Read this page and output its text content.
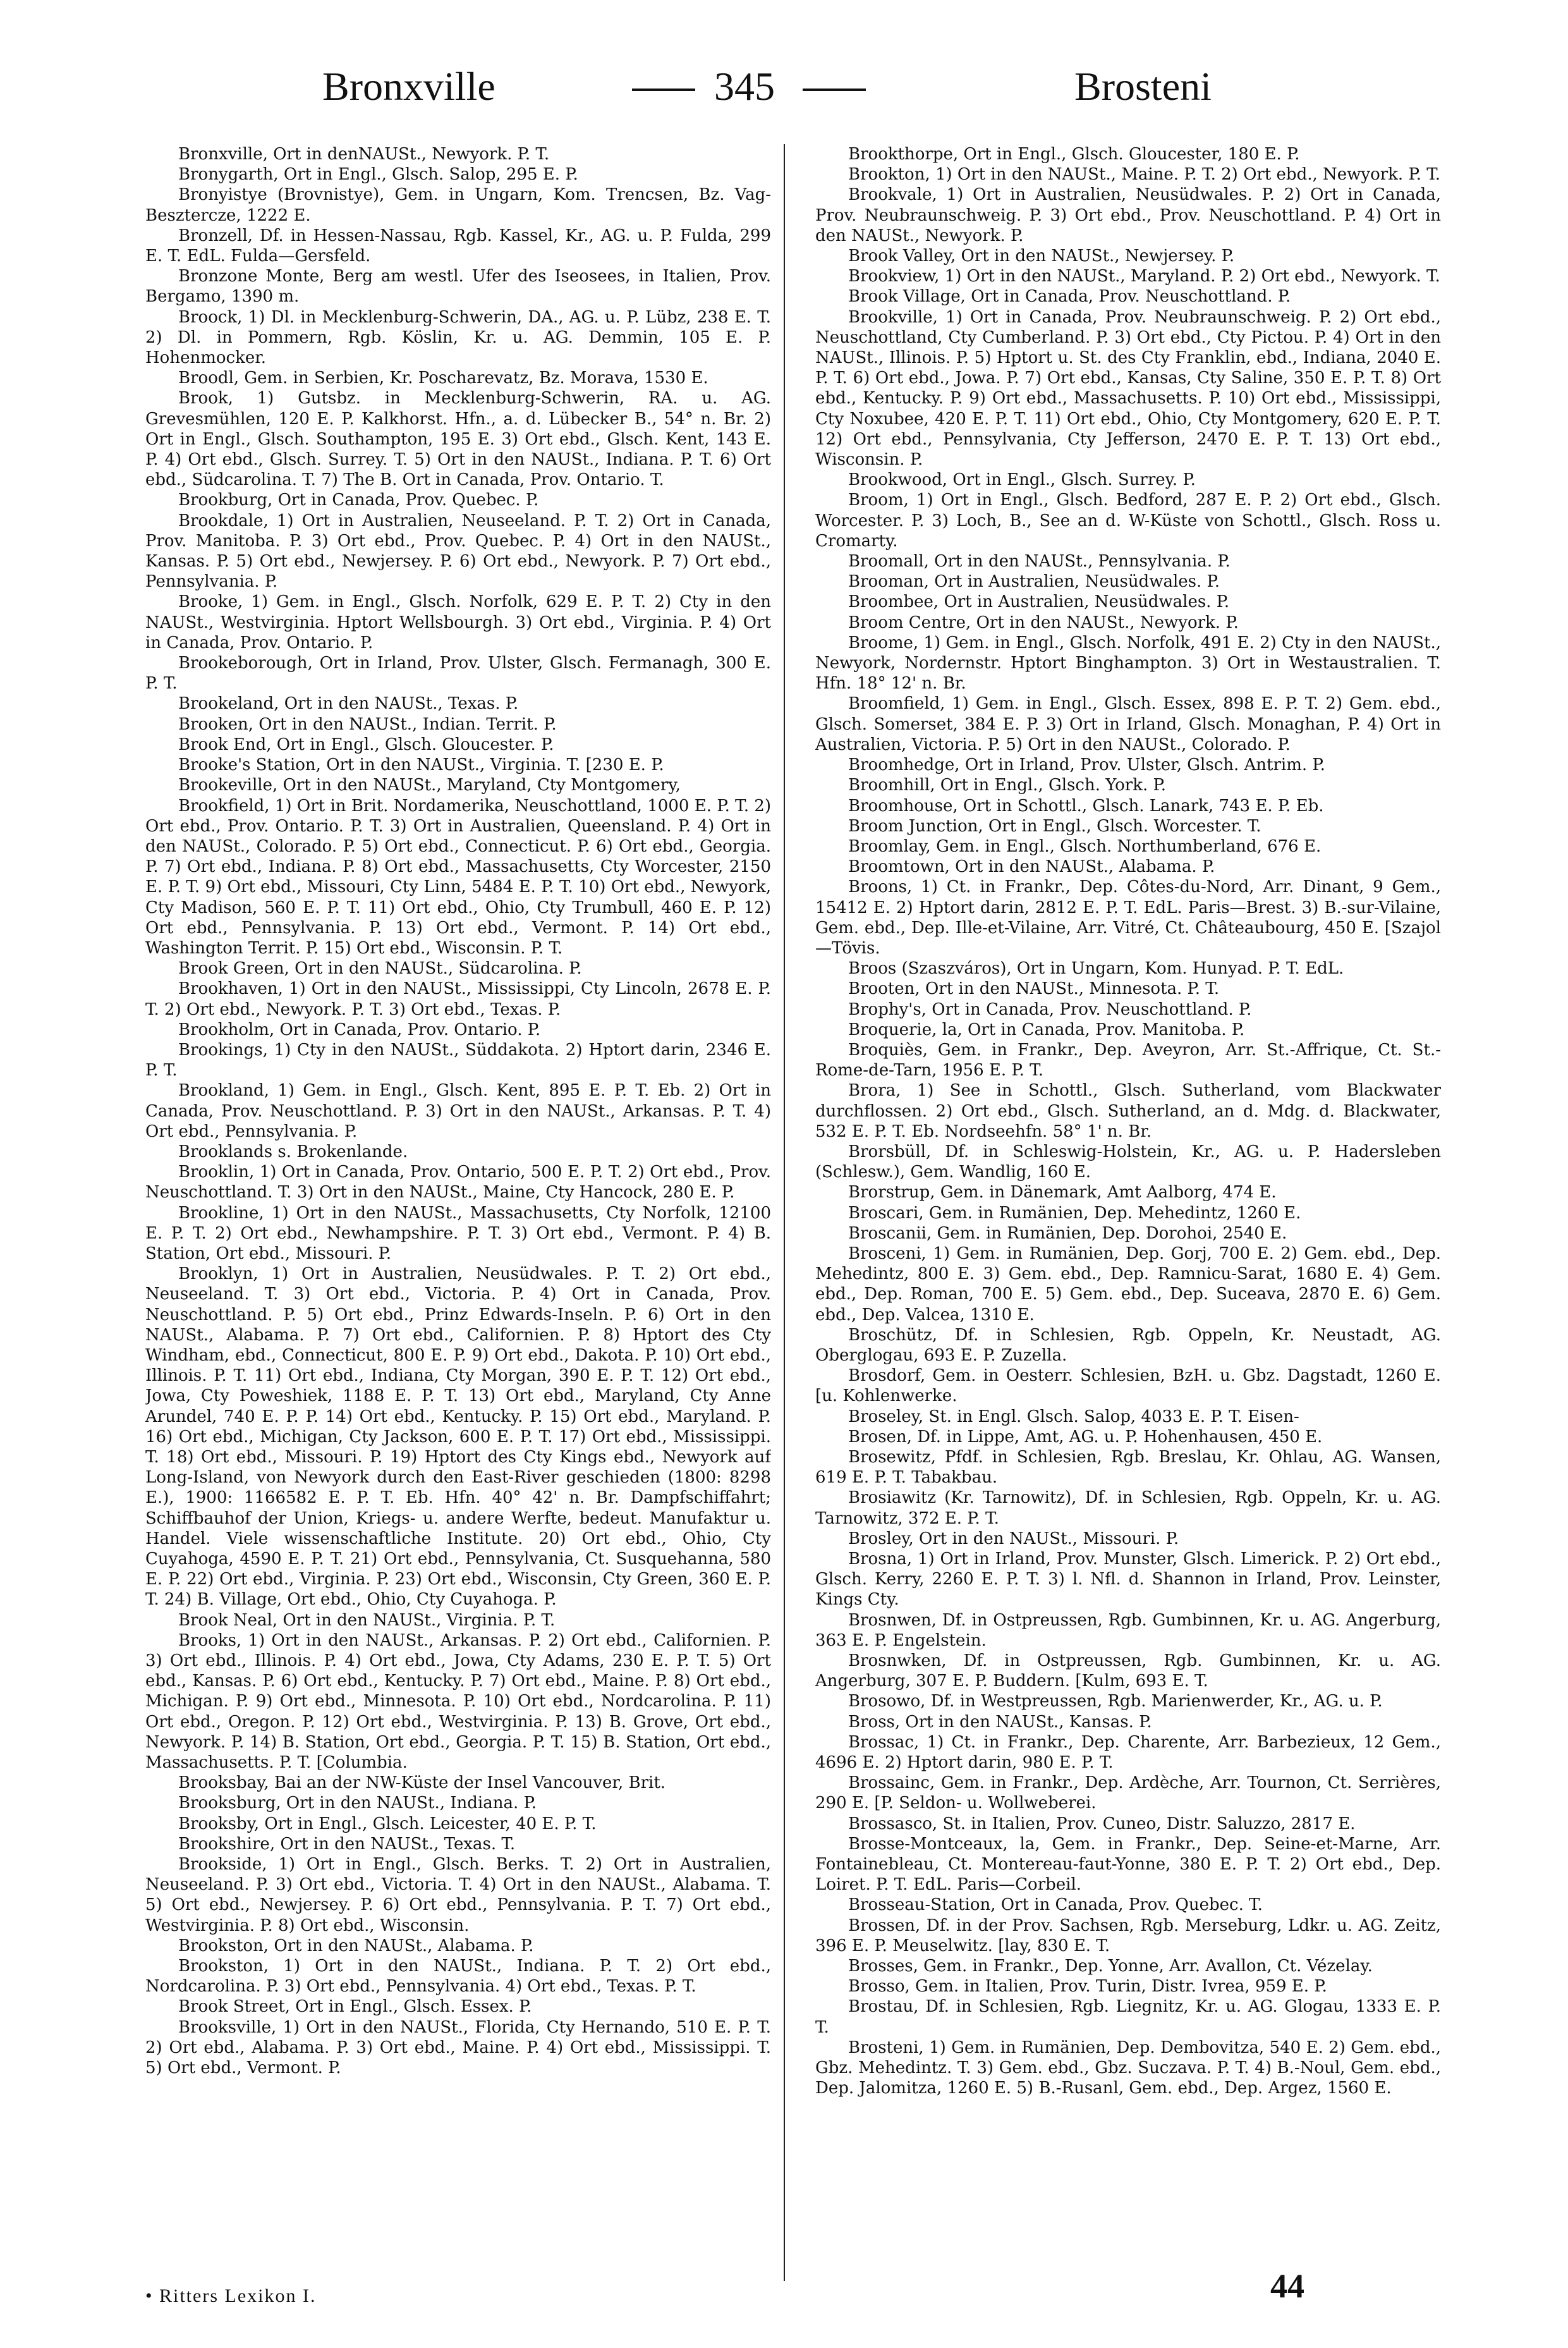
Bronxville	345	Brosteni

Bronxville, Ort in denNAUSt., Newyork. P. T.

Bronygarth, Ort in Engl., Glsch. Salop, 295 E. P.

Bronyistye (Brovnistye), Gem. in Ungarn, Kom. Trencsen, Bz. Vag-Besztercze, 1222 E.

Bronzell, Df. in Hessen-Nassau, Rgb. Kassel, Kr., AG. u. P. Fulda, 299 E. T. EdL. Fulda—Gersfeld.

Bronzone Monte, Berg am westl. Ufer des Iseosees, in Italien, Prov. Bergamo, 1390 m.

Broock, 1) Dl. in Mecklenburg-Schwerin, DA., AG. u. P. Lübz, 238 E. T. 2) Dl. in Pommern, Rgb. Köslin, Kr. u. AG. Demmin, 105 E. P. Hohenmocker.

Broodl, Gem. in Serbien, Kr. Poscharevatz, Bz. Morava, 1530 E.

Brook, 1) Gutsbz. in Mecklenburg-Schwerin, RA. u. AG. Grevesmühlen, 120 E. P. Kalkhorst. Hfn., a. d. Lübecker B., 54° n. Br. 2) Ort in Engl., Glsch. Southampton, 195 E. 3) Ort ebd., Glsch. Kent, 143 E. P. 4) Ort ebd., Glsch. Surrey. T. 5) Ort in den NAUSt., Indiana. P. T. 6) Ort ebd., Südcarolina. T. 7) The B. Ort in Canada, Prov. Ontario. T.

Brookburg, Ort in Canada, Prov. Quebec. P.

Brookdale, 1) Ort in Australien, Neuseeland. P. T. 2) Ort in Canada, Prov. Manitoba. P. 3) Ort ebd., Prov. Quebec. P. 4) Ort in den NAUSt., Kansas. P. 5) Ort ebd., Newjersey. P. 6) Ort ebd., Newyork. P. 7) Ort ebd., Pennsylvania. P.

Brooke, 1) Gem. in Engl., Glsch. Norfolk, 629 E. P. T. 2) Cty in den NAUSt., Westvirginia. Hptort Wellsbourgh. 3) Ort ebd., Virginia. P. 4) Ort in Canada, Prov. Ontario. P.

Brookeborough, Ort in Irland, Prov. Ulster, Glsch. Fermanagh, 300 E. P. T.

Brookeland, Ort in den NAUSt., Texas. P.

Brooken, Ort in den NAUSt., Indian. Territ. P.

Brook End, Ort in Engl., Glsch. Gloucester. P.

Brooke's Station, Ort in den NAUSt., Virginia. T. [230 E. P.

Brookeville, Ort in den NAUSt., Maryland, Cty Montgomery,

Brookfield, 1) Ort in Brit. Nordamerika, Neuschottland, 1000 E. P. T. 2) Ort ebd., Prov. Ontario. P. T. 3) Ort in Australien, Queensland. P. 4) Ort in den NAUSt., Colorado. P. 5) Ort ebd., Connecticut. P. 6) Ort ebd., Georgia. P. 7) Ort ebd., Indiana. P. 8) Ort ebd., Massachusetts, Cty Worcester, 2150 E. P. T. 9) Ort ebd., Missouri, Cty Linn, 5484 E. P. T. 10) Ort ebd., Newyork, Cty Madison, 560 E. P. T. 11) Ort ebd., Ohio, Cty Trumbull, 460 E. P. 12) Ort ebd., Pennsylvania. P. 13) Ort ebd., Vermont. P. 14) Ort ebd., Washington Territ. P. 15) Ort ebd., Wisconsin. P. T.

Brook Green, Ort in den NAUSt., Südcarolina. P.

Brookhaven, 1) Ort in den NAUSt., Mississippi, Cty Lincoln, 2678 E. P. T. 2) Ort ebd., Newyork. P. T. 3) Ort ebd., Texas. P.

Brookholm, Ort in Canada, Prov. Ontario. P.

Brookings, 1) Cty in den NAUSt., Süddakota. 2) Hptort darin, 2346 E. P. T.

Brookland, 1) Gem. in Engl., Glsch. Kent, 895 E. P. T. Eb. 2) Ort in Canada, Prov. Neuschottland. P. 3) Ort in den NAUSt., Arkansas. P. T. 4) Ort ebd., Pennsylvania. P.

Brooklands s. Brokenlande.

Brooklin, 1) Ort in Canada, Prov. Ontario, 500 E. P. T. 2) Ort ebd., Prov. Neuschottland. T. 3) Ort in den NAUSt., Maine, Cty Hancock, 280 E. P.

Brookline, 1) Ort in den NAUSt., Massachusetts, Cty Norfolk, 12100 E. P. T. 2) Ort ebd., Newhampshire. P. T. 3) Ort ebd., Vermont. P. 4) B. Station, Ort ebd., Missouri. P.

Brooklyn, 1) Ort in Australien, Neusüdwales. P. T. 2) Ort ebd., Neuseeland. T. 3) Ort ebd., Victoria. P. 4) Ort in Canada, Prov. Neuschottland. P. 5) Ort ebd., Prinz Edwards-Inseln. P. 6) Ort in den NAUSt., Alabama. P. 7) Ort ebd., Californien. P. 8) Hptort des Cty Windham, ebd., Connecticut, 800 E. P. 9) Ort ebd., Dakota. P. 10) Ort ebd., Illinois. P. T. 11) Ort ebd., Indiana, Cty Morgan, 390 E. P. T. 12) Ort ebd., Jowa, Cty Poweshiek, 1188 E. P. T. 13) Ort ebd., Maryland, Cty Anne Arundel, 740 E. P. P. 14) Ort ebd., Kentucky. P. 15) Ort ebd., Maryland. P. 16) Ort ebd., Michigan, Cty Jackson, 600 E. P. T. 17) Ort ebd., Mississippi. T. 18) Ort ebd., Missouri. P. 19) Hptort des Cty Kings ebd., Newyork auf Long-Island, von Newyork durch den East-River geschieden (1800: 8298 E.), 1900: 1166582 E. P. T. Eb. Hfn. 40° 42' n. Br. Dampfschiffahrt; Schiffbauhof der Union, Kriegs- u. andere Werfte, bedeut. Manufaktur u. Handel. Viele wissenschaftliche Institute. 20) Ort ebd., Ohio, Cty Cuyahoga, 4590 E. P. T. 21) Ort ebd., Pennsylvania, Ct. Susquehanna, 580 E. P. 22) Ort ebd., Virginia. P. 23) Ort ebd., Wisconsin, Cty Green, 360 E. P. T. 24) B. Village, Ort ebd., Ohio, Cty Cuyahoga. P.

Brook Neal, Ort in den NAUSt., Virginia. P. T.

Brooks, 1) Ort in den NAUSt., Arkansas. P. 2) Ort ebd., Californien. P. 3) Ort ebd., Illinois. P. 4) Ort ebd., Jowa, Cty Adams, 230 E. P. T. 5) Ort ebd., Kansas. P. 6) Ort ebd., Kentucky. P. 7) Ort ebd., Maine. P. 8) Ort ebd., Michigan. P. 9) Ort ebd., Minnesota. P. 10) Ort ebd., Nordcarolina. P. 11) Ort ebd., Oregon. P. 12) Ort ebd., Westvirginia. P. 13) B. Grove, Ort ebd., Newyork. P. 14) B. Station, Ort ebd., Georgia. P. T. 15) B. Station, Ort ebd., Massachusetts. P. T. [Columbia.

Brooksbay, Bai an der NW-Küste der Insel Vancouver, Brit.

Brooksburg, Ort in den NAUSt., Indiana. P.

Brooksby, Ort in Engl., Glsch. Leicester, 40 E. P. T.

Brookshire, Ort in den NAUSt., Texas. T.

Brookside, 1) Ort in Engl., Glsch. Berks. T. 2) Ort in Australien, Neuseeland. P. 3) Ort ebd., Victoria. T. 4) Ort in den NAUSt., Alabama. T. 5) Ort ebd., Newjersey. P. 6) Ort ebd., Pennsylvania. P. T. 7) Ort ebd., Westvirginia. P. 8) Ort ebd., Wisconsin.

Brookston, Ort in den NAUSt., Alabama. P.

Brookston, 1) Ort in den NAUSt., Indiana. P. T. 2) Ort ebd., Nordcarolina. P. 3) Ort ebd., Pennsylvania. 4) Ort ebd., Texas. P. T.

Brook Street, Ort in Engl., Glsch. Essex. P.

Brooksville, 1) Ort in den NAUSt., Florida, Cty Hernando, 510 E. P. T. 2) Ort ebd., Alabama. P. 3) Ort ebd., Maine. P. 4) Ort ebd., Mississippi. T. 5) Ort ebd., Vermont. P.

Brookthorpe, Ort in Engl., Glsch. Gloucester, 180 E. P.

Brookton, 1) Ort in den NAUSt., Maine. P. T. 2) Ort ebd., Newyork. P. T.

Brookvale, 1) Ort in Australien, Neusüdwales. P. 2) Ort in Canada, Prov. Neubraunschweig. P. 3) Ort ebd., Prov. Neuschottland. P. 4) Ort in den NAUSt., Newyork. P.

Brook Valley, Ort in den NAUSt., Newjersey. P.

Brookview, 1) Ort in den NAUSt., Maryland. P. 2) Ort ebd., Newyork. T.

Brook Village, Ort in Canada, Prov. Neuschottland. P.

Brookville, 1) Ort in Canada, Prov. Neubraunschweig. P. 2) Ort ebd., Neuschottland, Cty Cumberland. P. 3) Ort ebd., Cty Pictou. P. 4) Ort in den NAUSt., Illinois. P. 5) Hptort u. St. des Cty Franklin, ebd., Indiana, 2040 E. P. T. 6) Ort ebd., Jowa. P. 7) Ort ebd., Kansas, Cty Saline, 350 E. P. T. 8) Ort ebd., Kentucky. P. 9) Ort ebd., Massachusetts. P. 10) Ort ebd., Mississippi, Cty Noxubee, 420 E. P. T. 11) Ort ebd., Ohio, Cty Montgomery, 620 E. P. T. 12) Ort ebd., Pennsylvania, Cty Jefferson, 2470 E. P. T. 13) Ort ebd., Wisconsin. P.

Brookwood, Ort in Engl., Glsch. Surrey. P.

Broom, 1) Ort in Engl., Glsch. Bedford, 287 E. P. 2) Ort ebd., Glsch. Worcester. P. 3) Loch, B., See an d. W-Küste von Schottl., Glsch. Ross u. Cromarty.

Broomall, Ort in den NAUSt., Pennsylvania. P.

Brooman, Ort in Australien, Neusüdwales. P.

Broombee, Ort in Australien, Neusüdwales. P.

Broom Centre, Ort in den NAUSt., Newyork. P.

Broome, 1) Gem. in Engl., Glsch. Norfolk, 491 E. 2) Cty in den NAUSt., Newyork, Nordernstr. Hptort Binghampton. 3) Ort in Westaustralien. T. Hfn. 18° 12' n. Br.

Broomfield, 1) Gem. in Engl., Glsch. Essex, 898 E. P. T. 2) Gem. ebd., Glsch. Somerset, 384 E. P. 3) Ort in Irland, Glsch. Monaghan, P. 4) Ort in Australien, Victoria. P. 5) Ort in den NAUSt., Colorado. P.

Broomhedge, Ort in Irland, Prov. Ulster, Glsch. Antrim. P.

Broomhill, Ort in Engl., Glsch. York. P.

Broomhouse, Ort in Schottl., Glsch. Lanark, 743 E. P. Eb.

Broom Junction, Ort in Engl., Glsch. Worcester. T.

Broomlay, Gem. in Engl., Glsch. Northumberland, 676 E.

Broomtown, Ort in den NAUSt., Alabama. P.

Broons, 1) Ct. in Frankr., Dep. Côtes-du-Nord, Arr. Dinant, 9 Gem., 15412 E. 2) Hptort darin, 2812 E. P. T. EdL. Paris—Brest. 3) B.-sur-Vilaine, Gem. ebd., Dep. Ille-et-Vilaine, Arr. Vitré, Ct. Châteaubourg, 450 E. [Szajol—Tövis.

Broos (Szaszváros), Ort in Ungarn, Kom. Hunyad. P. T. EdL.

Brooten, Ort in den NAUSt., Minnesota. P. T.

Brophy's, Ort in Canada, Prov. Neuschottland. P.

Broquerie, la, Ort in Canada, Prov. Manitoba. P.

Broquiès, Gem. in Frankr., Dep. Aveyron, Arr. St.-Affrique, Ct. St.-Rome-de-Tarn, 1956 E. P. T.

Brora, 1) See in Schottl., Glsch. Sutherland, vom Blackwater durchflossen. 2) Ort ebd., Glsch. Sutherland, an d. Mdg. d. Blackwater, 532 E. P. T. Eb. Nordseehfn. 58° 1' n. Br.

Brorsbüll, Df. in Schleswig-Holstein, Kr., AG. u. P. Hadersleben (Schlesw.), Gem. Wandlig, 160 E.

Brorstrup, Gem. in Dänemark, Amt Aalborg, 474 E.

Broscari, Gem. in Rumänien, Dep. Mehedintz, 1260 E.

Broscanii, Gem. in Rumänien, Dep. Dorohoi, 2540 E.

Brosceni, 1) Gem. in Rumänien, Dep. Gorj, 700 E. 2) Gem. ebd., Dep. Mehedintz, 800 E. 3) Gem. ebd., Dep. Ramnicu-Sarat, 1680 E. 4) Gem. ebd., Dep. Roman, 700 E. 5) Gem. ebd., Dep. Suceava, 2870 E. 6) Gem. ebd., Dep. Valcea, 1310 E.

Broschütz, Df. in Schlesien, Rgb. Oppeln, Kr. Neustadt, AG. Oberglogau, 693 E. P. Zuzella.

Brosdorf, Gem. in Oesterr. Schlesien, BzH. u. Gbz. Dagstadt, 1260 E. [u. Kohlenwerke.

Broseley, St. in Engl. Glsch. Salop, 4033 E. P. T. Eisen-

Brosen, Df. in Lippe, Amt, AG. u. P. Hohenhausen, 450 E.

Brosewitz, Pfdf. in Schlesien, Rgb. Breslau, Kr. Ohlau, AG. Wansen, 619 E. P. T. Tabakbau.

Brosiawitz (Kr. Tarnowitz), Df. in Schlesien, Rgb. Oppeln, Kr. u. AG. Tarnowitz, 372 E. P. T.

Brosley, Ort in den NAUSt., Missouri. P.

Brosna, 1) Ort in Irland, Prov. Munster, Glsch. Limerick. P. 2) Ort ebd., Glsch. Kerry, 2260 E. P. T. 3) l. Nfl. d. Shannon in Irland, Prov. Leinster, Kings Cty.

Brosnwen, Df. in Ostpreussen, Rgb. Gumbinnen, Kr. u. AG. Angerburg, 363 E. P. Engelstein.

Brosnwken, Df. in Ostpreussen, Rgb. Gumbinnen, Kr. u. AG. Angerburg, 307 E. P. Buddern. [Kulm, 693 E. T.

Brosowo, Df. in Westpreussen, Rgb. Marienwerder, Kr., AG. u. P.

Bross, Ort in den NAUSt., Kansas. P.

Brossac, 1) Ct. in Frankr., Dep. Charente, Arr. Barbezieux, 12 Gem., 4696 E. 2) Hptort darin, 980 E. P. T.

Brossainc, Gem. in Frankr., Dep. Ardèche, Arr. Tournon, Ct. Serrières, 290 E. [P. Seldon- u. Wollweberei.

Brossasco, St. in Italien, Prov. Cuneo, Distr. Saluzzo, 2817 E.

Brosse-Montceaux, la, Gem. in Frankr., Dep. Seine-et-Marne, Arr. Fontainebleau, Ct. Montereau-faut-Yonne, 380 E. P. T. 2) Ort ebd., Dep. Loiret. P. T. EdL. Paris—Corbeil.

Brosseau-Station, Ort in Canada, Prov. Quebec. T.

Brossen, Df. in der Prov. Sachsen, Rgb. Merseburg, Ldkr. u. AG. Zeitz, 396 E. P. Meuselwitz. [lay, 830 E. T.

Brosses, Gem. in Frankr., Dep. Yonne, Arr. Avallon, Ct. Vézelay.

Brosso, Gem. in Italien, Prov. Turin, Distr. Ivrea, 959 E. P.

Brostau, Df. in Schlesien, Rgb. Liegnitz, Kr. u. AG. Glogau, 1333 E. P. T.

Brosteni, 1) Gem. in Rumänien, Dep. Dembovitza, 540 E. 2) Gem. ebd., Gbz. Mehedintz. T. 3) Gem. ebd., Gbz. Suczava. P. T. 4) B.-Noul, Gem. ebd., Dep. Jalomitza, 1260 E. 5) B.-Rusanl, Gem. ebd., Dep. Argez, 1560 E.

• Ritters Lexikon I.	44
